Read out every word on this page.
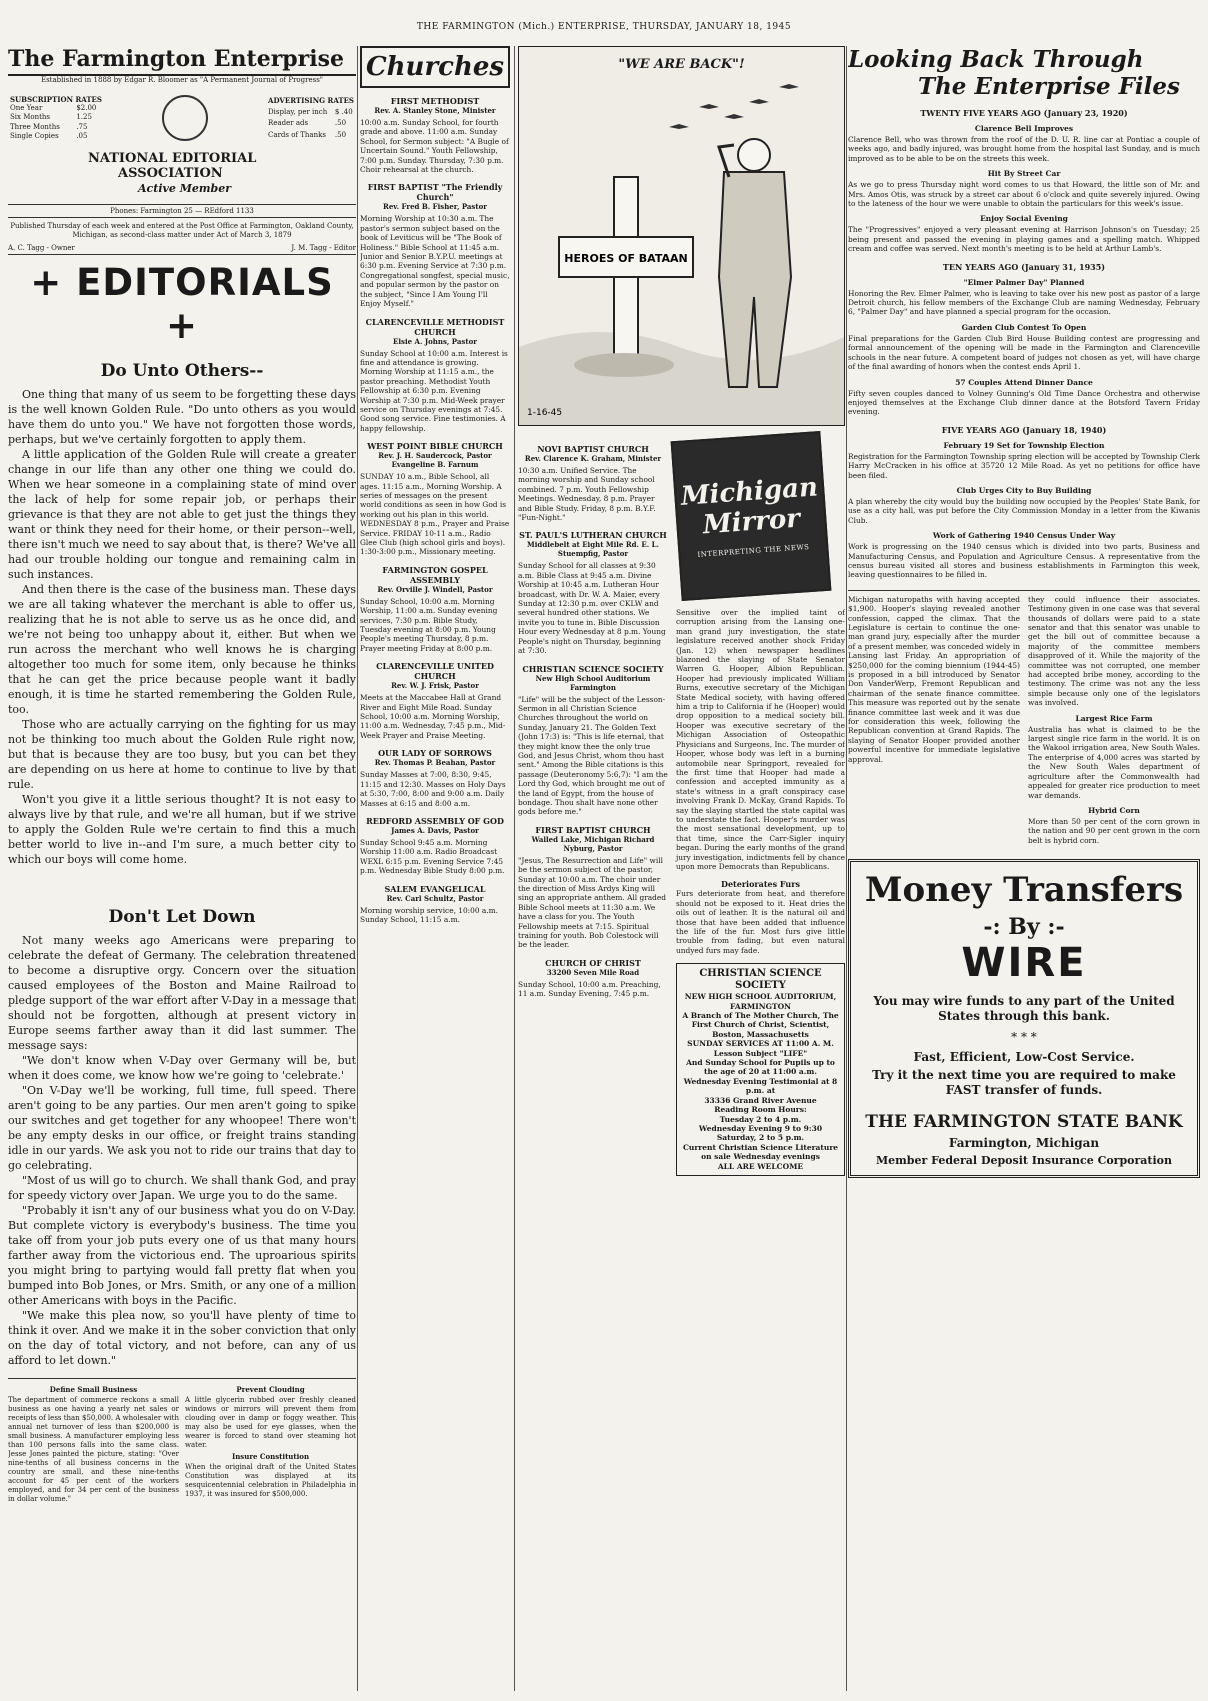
THE FARMINGTON (Mich.) ENTERPRISE, THURSDAY, JANUARY 18, 1945
The Farmington Enterprise
Established in 1888 by Edgar R. Bloomer as "A Permanent Journal of Progress"
SUBSCRIPTION RATES	
One Year	$2.00
Six Months	1.25
Three Months	.75
Single Copies	.05
ADVERTISING RATES	
Display, per inch	$ .40
Reader ads	.50
Cards of Thanks	.50
NATIONAL EDITORIAL
ASSOCIATION
Active Member
Phones: Farmington 25 — REdford 1133
Published Thursday of each week and entered at the Post Office at Farmington, Oakland County, Michigan, as second-class matter under Act of March 3, 1879
A. C. Tagg - Owner	J. M. Tagg - Editor
+ EDITORIALS +
Do Unto Others--

One thing that many of us seem to be forgetting these days is the well known Golden Rule. "Do unto others as you would have them do unto you." We have not forgotten those words, perhaps, but we've certainly forgotten to apply them.

A little application of the Golden Rule will create a greater change in our life than any other one thing we could do. When we hear someone in a complaining state of mind over the lack of help for some repair job, or perhaps their grievance is that they are not able to get just the things they want or think they need for their home, or their person--well, there isn't much we need to say about that, is there? We've all had our trouble holding our tongue and remaining calm in such instances.

And then there is the case of the business man. These days we are all taking whatever the merchant is able to offer us, realizing that he is not able to serve us as he once did, and we're not being too unhappy about it, either. But when we run across the merchant who well knows he is charging altogether too much for some item, only because he thinks that he can get the price because people want it badly enough, it is time he started remembering the Golden Rule, too.

Those who are actually carrying on the fighting for us may not be thinking too much about the Golden Rule right now, but that is because they are too busy, but you can bet they are depending on us here at home to continue to live by that rule.

Won't you give it a little serious thought? It is not easy to always live by that rule, and we're all human, but if we strive to apply the Golden Rule we're certain to find this a much better world to live in--and I'm sure, a much better city to which our boys will come home.

Don't Let Down

Not many weeks ago Americans were preparing to celebrate the defeat of Germany. The celebration threatened to become a disruptive orgy. Concern over the situation caused employees of the Boston and Maine Railroad to pledge support of the war effort after V-Day in a message that should not be forgotten, although at present victory in Europe seems farther away than it did last summer. The message says:

"We don't know when V-Day over Germany will be, but when it does come, we know how we're going to 'celebrate.'

"On V-Day we'll be working, full time, full speed. There aren't going to be any parties. Our men aren't going to spike our switches and get together for any whoopee! There won't be any empty desks in our office, or freight trains standing idle in our yards. We ask you not to ride our trains that day to go celebrating.

"Most of us will go to church. We shall thank God, and pray for speedy victory over Japan. We urge you to do the same.

"Probably it isn't any of our business what you do on V-Day. But complete victory is everybody's business. The time you take off from your job puts every one of us that many hours farther away from the victorious end. The uproarious spirits you might bring to partying would fall pretty flat when you bumped into Bob Jones, or Mrs. Smith, or any one of a million other Americans with boys in the Pacific.

"We make this plea now, so you'll have plenty of time to think it over. And we make it in the sober conviction that only on the day of total victory, and not before, can any of us afford to let down."

Define Small Business
The department of commerce reckons a small business as one having a yearly net sales or receipts of less than $50,000. A wholesaler with annual net turnover of less than $200,000 is small business. A manufacturer employing less than 100 persons falls into the same class. Jesse Jones painted the picture, stating: "Over nine-tenths of all business concerns in the country are small, and these nine-tenths account for 45 per cent of the workers employed, and for 34 per cent of the business in dollar volume."
Prevent Clouding
A little glycerin rubbed over freshly cleaned windows or mirrors will prevent them from clouding over in damp or foggy weather. This may also be used for eye glasses, when the wearer is forced to stand over steaming hot water.
Insure Constitution
When the original draft of the United States Constitution was displayed at its sesquicentennial celebration in Philadelphia in 1937, it was insured for $500,000.
Churches
FIRST METHODIST
Rev. A. Stanley Stone, Minister
10:00 a.m. Sunday School, for fourth grade and above. 11:00 a.m. Sunday School, for Sermon subject: "A Bugle of Uncertain Sound." Youth Fellowship, 7:00 p.m. Sunday. Thursday, 7:30 p.m. Choir rehearsal at the church.
FIRST BAPTIST "The Friendly Church"
Rev. Fred B. Fisher, Pastor
Morning Worship at 10:30 a.m. The pastor's sermon subject based on the book of Leviticus will be "The Book of Holiness." Bible School at 11:45 a.m. Junior and Senior B.Y.P.U. meetings at 6:30 p.m. Evening Service at 7:30 p.m. Congregational songfest, special music, and popular sermon by the pastor on the subject, "Since I Am Young I'll Enjoy Myself."
CLARENCEVILLE METHODIST CHURCH
Elsie A. Johns, Pastor
Sunday School at 10:00 a.m. Interest is fine and attendance is growing. Morning Worship at 11:15 a.m., the pastor preaching. Methodist Youth Fellowship at 6:30 p.m. Evening Worship at 7:30 p.m. Mid-Week prayer service on Thursday evenings at 7:45. Good song service. Fine testimonies. A happy fellowship.
WEST POINT BIBLE CHURCH
Rev. J. H. Saudercock, Pastor Evangeline B. Farnum
SUNDAY 10 a.m., Bible School, all ages. 11:15 a.m., Morning Worship. A series of messages on the present world conditions as seen in how God is working out his plan in this world. WEDNESDAY 8 p.m., Prayer and Praise Service. FRIDAY 10-11 a.m., Radio Glee Club (high school girls and boys). 1:30-3:00 p.m., Missionary meeting.
FARMINGTON GOSPEL ASSEMBLY
Rev. Orville J. Windell, Pastor
Sunday School, 10:00 a.m. Morning Worship, 11:00 a.m. Sunday evening services, 7:30 p.m. Bible Study, Tuesday evening at 8:00 p.m. Young People's meeting Thursday, 8 p.m. Prayer meeting Friday at 8:00 p.m.
CLARENCEVILLE UNITED CHURCH
Rev. W. J. Frisk, Pastor
Meets at the Maccabee Hall at Grand River and Eight Mile Road. Sunday School, 10:00 a.m. Morning Worship, 11:00 a.m. Wednesday, 7:45 p.m., Mid-Week Prayer and Praise Meeting.
OUR LADY OF SORROWS
Rev. Thomas P. Beahan, Pastor
Sunday Masses at 7:00, 8:30, 9:45, 11:15 and 12:30. Masses on Holy Days at 5:30, 7:00, 8:00 and 9:00 a.m. Daily Masses at 6:15 and 8:00 a.m.
REDFORD ASSEMBLY OF GOD
James A. Davis, Pastor
Sunday School 9:45 a.m. Morning Worship 11:00 a.m. Radio Broadcast WEXL 6:15 p.m. Evening Service 7:45 p.m. Wednesday Bible Study 8:00 p.m.
SALEM EVANGELICAL
Rev. Carl Schultz, Pastor
Morning worship service, 10:00 a.m. Sunday School, 11:15 a.m.
"WE ARE BACK"!
HEROES OF BATAAN
1-16-45
NOVI BAPTIST CHURCH
Rev. Clarence K. Graham, Minister
10:30 a.m. Unified Service. The morning worship and Sunday school combined. 7 p.m. Youth Fellowship Meetings. Wednesday, 8 p.m. Prayer and Bible Study. Friday, 8 p.m. B.Y.F. "Fun-Night."
ST. PAUL'S LUTHERAN CHURCH
Middlebelt at Eight Mile Rd. E. L. Stuempfig, Pastor
Sunday School for all classes at 9:30 a.m. Bible Class at 9:45 a.m. Divine Worship at 10:45 a.m. Lutheran Hour broadcast, with Dr. W. A. Maier, every Sunday at 12:30 p.m. over CKLW and several hundred other stations. We invite you to tune in. Bible Discussion Hour every Wednesday at 8 p.m. Young People's night on Thursday, beginning at 7:30.
CHRISTIAN SCIENCE SOCIETY
New High School Auditorium Farmington
"Life" will be the subject of the Lesson-Sermon in all Christian Science Churches throughout the world on Sunday, January 21. The Golden Text (John 17:3) is: "This is life eternal, that they might know thee the only true God, and Jesus Christ, whom thou hast sent." Among the Bible citations is this passage (Deuteronomy 5:6,7): "I am the Lord thy God, which brought me out of the land of Egypt, from the house of bondage. Thou shalt have none other gods before me."
FIRST BAPTIST CHURCH
Walled Lake, Michigan Richard Nyburg, Pastor
"Jesus, The Resurrection and Life" will be the sermon subject of the pastor, Sunday at 10:00 a.m. The choir under the direction of Miss Ardys King will sing an appropriate anthem. All graded Bible School meets at 11:30 a.m. We have a class for you. The Youth Fellowship meets at 7:15. Spiritual training for youth. Bob Colestock will be the leader.
CHURCH OF CHRIST
33200 Seven Mile Road
Sunday School, 10:00 a.m. Preaching, 11 a.m. Sunday Evening, 7:45 p.m.
Michigan
Mirror
INTERPRETING THE NEWS
Sensitive over the implied taint of corruption arising from the Lansing one-man grand jury investigation, the state legislature received another shock Friday (Jan. 12) when newspaper headlines blazoned the slaying of State Senator Warren G. Hooper, Albion Republican. Hooper had previously implicated William Burns, executive secretary of the Michigan State Medical society, with having offered him a trip to California if he (Hooper) would drop opposition to a medical society bill. Hooper was executive secretary of the Michigan Association of Osteopathic Physicians and Surgeons, Inc. The murder of Hooper, whose body was left in a burning automobile near Springport, revealed for the first time that Hooper had made a confession and accepted immunity as a state's witness in a graft conspiracy case involving Frank D. McKay, Grand Rapids. To say the slaying startled the state capital was to understate the fact. Hooper's murder was the most sensational development, up to that time, since the Carr-Sigler inquiry began. During the early months of the grand jury investigation, indictments fell by chance upon more Democrats than Republicans.
Deteriorates Furs
Furs deteriorate from heat, and therefore should not be exposed to it. Heat dries the oils out of leather. It is the natural oil and those that have been added that influence the life of the fur. Most furs give little trouble from fading, but even natural undyed furs may fade.
CHRISTIAN SCIENCE SOCIETY
NEW HIGH SCHOOL AUDITORIUM, FARMINGTON
A Branch of The Mother Church, The First Church of Christ, Scientist, Boston, Massachusetts
SUNDAY SERVICES AT 11:00 A. M.
Lesson Subject "LIFE"
And Sunday School for Pupils up to the age of 20 at 11:00 a.m.
Wednesday Evening Testimonial at 8 p.m. at
33336 Grand River Avenue
Reading Room Hours:
Tuesday 2 to 4 p.m.
Wednesday Evening 9 to 9:30
Saturday, 2 to 5 p.m.
Current Christian Science Literature on sale Wednesday evenings
ALL ARE WELCOME
Looking Back Through
The Enterprise Files
TWENTY FIVE YEARS AGO (January 23, 1920)
Clarence Bell Improves
Clarence Bell, who was thrown from the roof of the D. U. R. line car at Pontiac a couple of weeks ago, and badly injured, was brought home from the hospital last Sunday, and is much improved as to be able to be on the streets this week.
Hit By Street Car
As we go to press Thursday night word comes to us that Howard, the little son of Mr. and Mrs. Amos Otis, was struck by a street car about 6 o'clock and quite severely injured. Owing to the lateness of the hour we were unable to obtain the particulars for this week's issue.
Enjoy Social Evening
The "Progressives" enjoyed a very pleasant evening at Harrison Johnson's on Tuesday; 25 being present and passed the evening in playing games and a spelling match. Whipped cream and coffee was served. Next month's meeting is to be held at Arthur Lamb's.
TEN YEARS AGO (January 31, 1935)
"Elmer Palmer Day" Planned
Honoring the Rev. Elmer Palmer, who is leaving to take over his new post as pastor of a large Detroit church, his fellow members of the Exchange Club are naming Wednesday, February 6, "Palmer Day" and have planned a special program for the occasion.
Garden Club Contest To Open
Final preparations for the Garden Club Bird House Building contest are progressing and formal announcement of the opening will be made in the Farmington and Clarenceville schools in the near future. A competent board of judges not chosen as yet, will have charge of the final awarding of honors when the contest ends April 1.
57 Couples Attend Dinner Dance
Fifty seven couples danced to Volney Gunning's Old Time Dance Orchestra and otherwise enjoyed themselves at the Exchange Club dinner dance at the Botsford Tavern Friday evening.
FIVE YEARS AGO (January 18, 1940)
February 19 Set for Township Election
Registration for the Farmington Township spring election will be accepted by Township Clerk Harry McCracken in his office at 35720 12 Mile Road. As yet no petitions for office have been filed.
Club Urges City to Buy Building
A plan whereby the city would buy the building now occupied by the Peoples' State Bank, for use as a city hall, was put before the City Commission Monday in a letter from the Kiwanis Club.
Work of Gathering 1940 Census Under Way
Work is progressing on the 1940 census which is divided into two parts, Business and Manufacturing Census, and Population and Agriculture Census. A representative from the census bureau visited all stores and business establishments in Farmington this week, leaving questionnaires to be filled in.
Michigan naturopaths with having accepted $1,900. Hooper's slaying revealed another confession, capped the climax. That the Legislature is certain to continue the one-man grand jury, especially after the murder of a present member, was conceded widely in Lansing last Friday. An appropriation of $250,000 for the coming biennium (1944-45) is proposed in a bill introduced by Senator Don VanderWerp, Fremont Republican and chairman of the senate finance committee. This measure was reported out by the senate finance committee last week and it was due for consideration this week, following the Republican convention at Grand Rapids. The slaying of Senator Hooper provided another powerful incentive for immediate legislative approval.
they could influence their associates. Testimony given in one case was that several thousands of dollars were paid to a state senator and that this senator was unable to get the bill out of committee because a majority of the committee members disapproved of it. While the majority of the committee was not corrupted, one member had accepted bribe money, according to the testimony. The crime was not any the less simple because only one of the legislators was involved.
Largest Rice Farm
Australia has what is claimed to be the largest single rice farm in the world. It is on the Wakool irrigation area, New South Wales. The enterprise of 4,000 acres was started by the New South Wales department of agriculture after the Commonwealth had appealed for greater rice production to meet war demands.
Hybrid Corn
More than 50 per cent of the corn grown in the nation and 90 per cent grown in the corn belt is hybrid corn.
Money Transfers
-: By :-
WIRE
You may wire funds to any part of the United States through this bank.
* * *
Fast, Efficient, Low-Cost Service.
Try it the next time you are required to make FAST transfer of funds.
THE FARMINGTON STATE BANK
Farmington, Michigan
Member Federal Deposit Insurance Corporation
